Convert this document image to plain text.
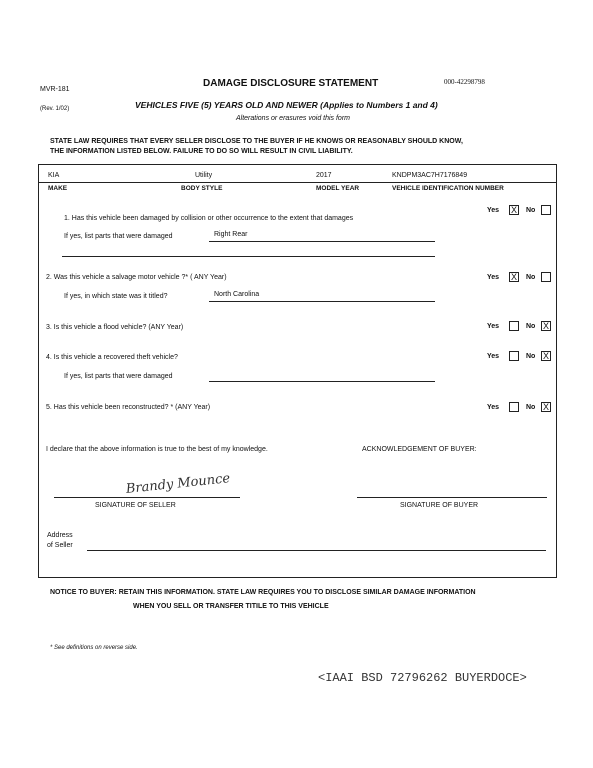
MVR-181
(Rev. 1/02)
DAMAGE DISCLOSURE STATEMENT	000-42298798
VEHICLES FIVE (5) YEARS OLD AND NEWER (Applies to Numbers 1 and 4)
Alterations or erasures void this form
STATE LAW REQUIRES THAT EVERY SELLER DISCLOSE TO THE BUYER IF HE KNOWS OR REASONABLY SHOULD KNOW,
THE INFORMATION LISTED BELOW. FAILURE TO DO SO WILL RESULT IN CIVIL LIABILITY.
KIA	Utility	2017	KNDPM3AC7H7176849
MAKE	BODY STYLE	MODEL YEAR	VEHICLE IDENTIFICATION NUMBER
1. Has this vehicle been damaged by collision or other occurrence to the extent that damages
If yes, list parts that were damaged	Right Rear
Yes X No
2. Was this vehicle a salvage motor vehicle ?* ( ANY Year)
If yes, in which state was it titled?	North Carolina
Yes X No
3. Is this vehicle a flood vehicle? (ANY Year)	Yes	No X
4. Is this vehicle a recovered theft vehicle?
If yes, list parts that were damaged
Yes	No X
5. Has this vehicle been reconstructed? * (ANY Year)	Yes	No X
I declare that the above information is true to the best of my knowledge.	ACKNOWLEDGEMENT OF BUYER:
Brandy Mounce
SIGNATURE OF SELLER	SIGNATURE OF BUYER
Address
of Seller
NOTICE TO BUYER: RETAIN THIS INFORMATION. STATE LAW REQUIRES YOU TO DISCLOSE SIMILAR DAMAGE INFORMATION
WHEN YOU SELL OR TRANSFER TITILE TO THIS VEHICLE
* See definitions on reverse side.
<IAAI BSD 72796262 BUYERDOCE>
